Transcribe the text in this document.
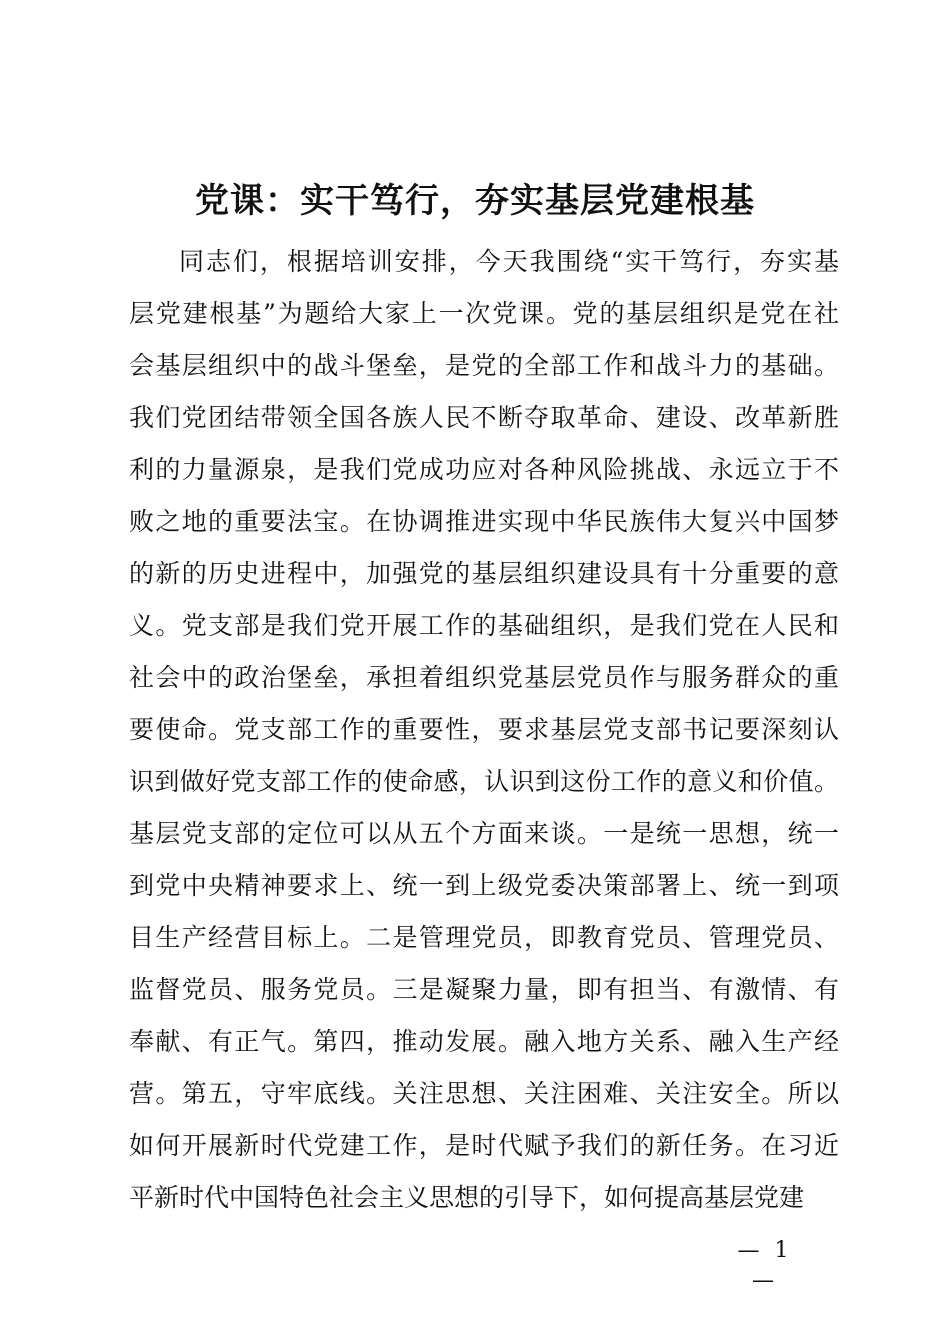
党课：实干笃行，夯实基层党建根基
同志们，根据培训安排，今天我围绕“实干笃行，夯实基
层党建根基”为题给大家上一次党课。党的基层组织是党在社
会基层组织中的战斗堡垒，是党的全部工作和战斗力的基础。
我们党团结带领全国各族人民不断夺取革命、建设、改革新胜
利的力量源泉，是我们党成功应对各种风险挑战、永远立于不
败之地的重要法宝。在协调推进实现中华民族伟大复兴中国梦
的新的历史进程中，加强党的基层组织建设具有十分重要的意
义。党支部是我们党开展工作的基础组织，是我们党在人民和
社会中的政治堡垒，承担着组织党基层党员作与服务群众的重
要使命。党支部工作的重要性，要求基层党支部书记要深刻认
识到做好党支部工作的使命感，认识到这份工作的意义和价值。
基层党支部的定位可以从五个方面来谈。一是统一思想，统一
到党中央精神要求上、统一到上级党委决策部署上、统一到项
目生产经营目标上。二是管理党员，即教育党员、管理党员、
监督党员、服务党员。三是凝聚力量，即有担当、有激情、有
奉献、有正气。第四，推动发展。融入地方关系、融入生产经
营。第五，守牢底线。关注思想、关注困难、关注安全。所以
如何开展新时代党建工作，是时代赋予我们的新任务。在习近
平新时代中国特色社会主义思想的引导下，如何提高基层党建
— 1 —
